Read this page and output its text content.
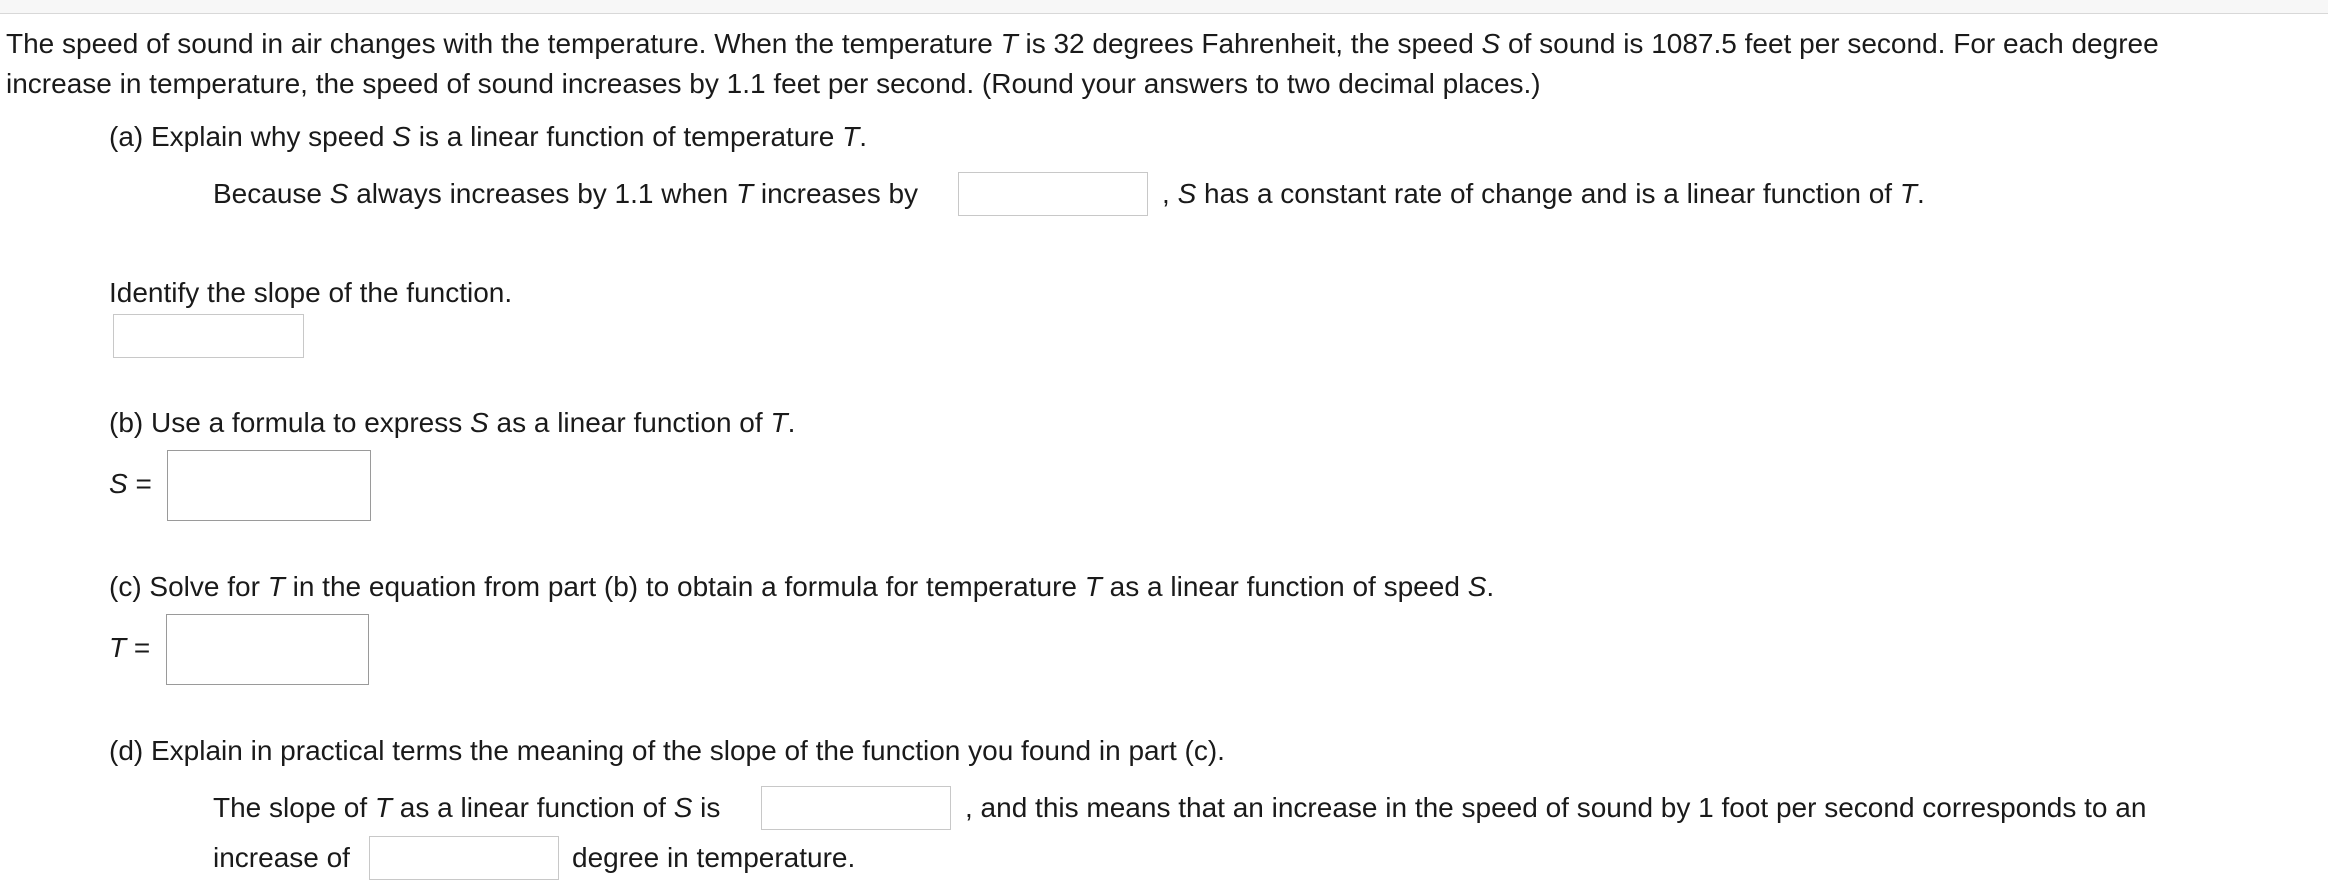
The speed of sound in air changes with the temperature. When the temperature T is 32 degrees Fahrenheit, the speed S of sound is 1087.5 feet per second. For each degree
increase in temperature, the speed of sound increases by 1.1 feet per second. (Round your answers to two decimal places.)
(a) Explain why speed S is a linear function of temperature T.
Because S always increases by 1.1 when T increases by	, S has a constant rate of change and is a linear function of T.
Identify the slope of the function.
(b) Use a formula to express S as a linear function of T.
S =
(c) Solve for T in the equation from part (b) to obtain a formula for temperature T as a linear function of speed S.
T =
(d) Explain in practical terms the meaning of the slope of the function you found in part (c).
The slope of T as a linear function of S is	, and this means that an increase in the speed of sound by 1 foot per second corresponds to an
increase of	degree in temperature.
